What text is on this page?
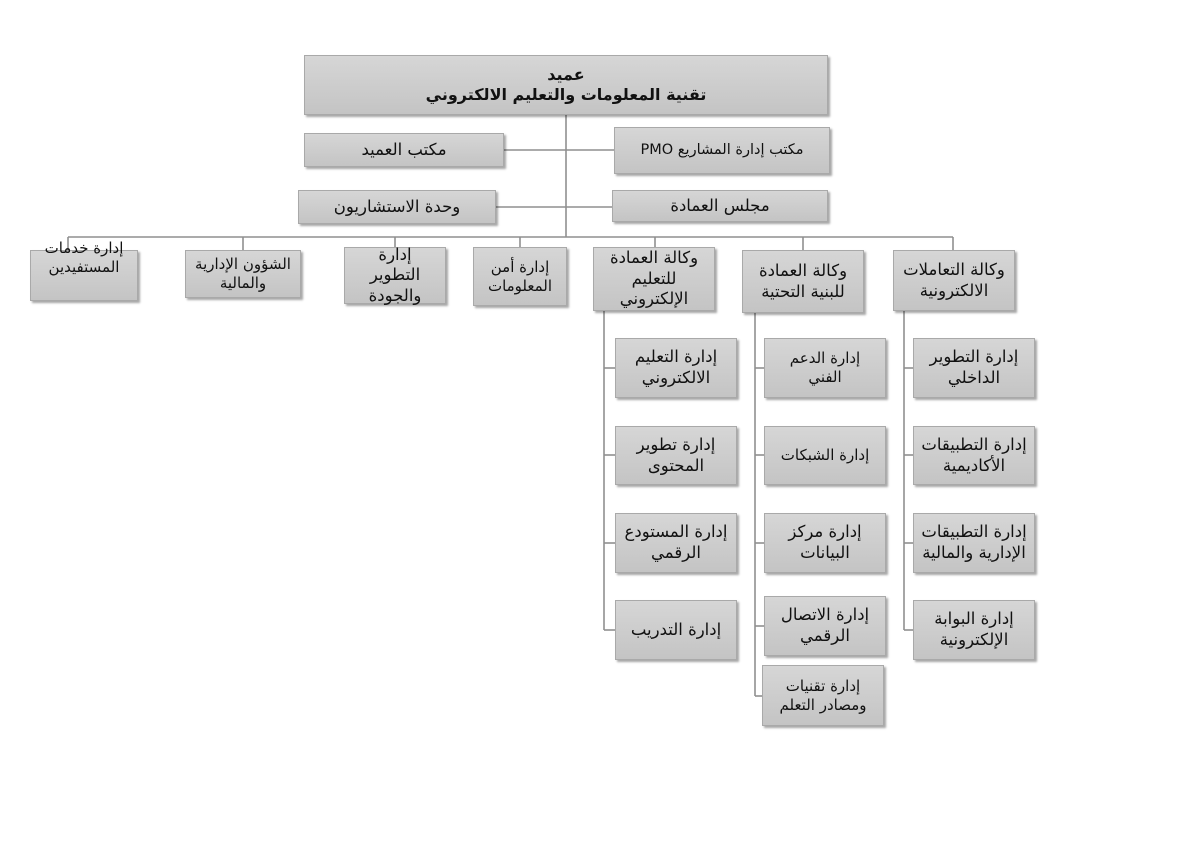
عميد
تقنية المعلومات والتعليم الالكتروني
مكتب العميد	مكتب إدارة المشاريع PMO
وحدة الاستشاريون	مجلس العمادة
وكالة التعاملات الالكترونية
وكالة العمادة للبنية التحتية
وكالة العمادة للتعليم الإلكتروني
إدارة أمن المعلومات
إدارة التطوير والجودة
الشؤون الإدارية والمالية
إدارة خدمات المستفيدين
إدارة التطوير الداخلي
إدارة التطبيقات الأكاديمية
إدارة التطبيقات الإدارية والمالية
إدارة البوابة الإلكترونية
إدارة الدعم الفني
إدارة الشبكات
إدارة مركز البيانات
إدارة الاتصال الرقمي
إدارة تقنيات ومصادر التعلم
إدارة التعليم الالكتروني
إدارة تطوير المحتوى
إدارة المستودع الرقمي
إدارة التدريب
